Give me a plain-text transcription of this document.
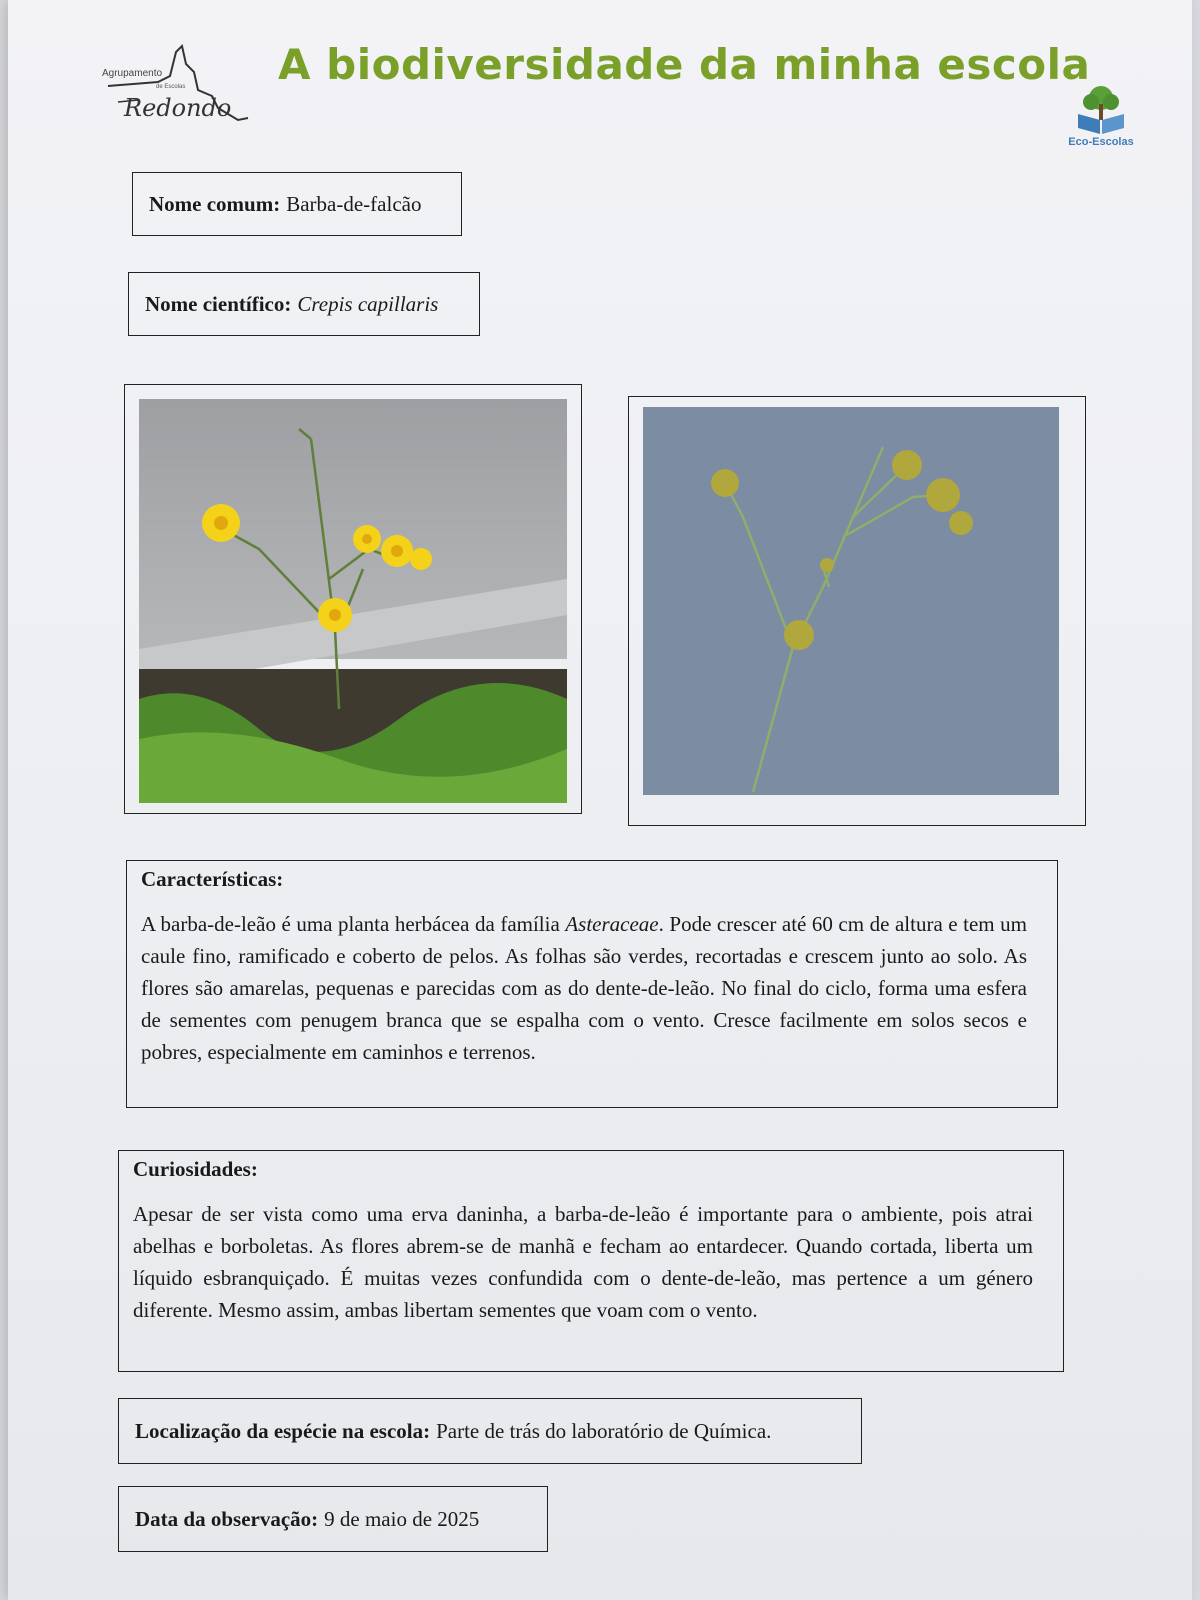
Agrupamento
de Escolas
Redondo
A biodiversidade da minha escola
Eco-Escolas
Nome comum: Barba-de-falcão
Nome científico: Crepis capillaris
Características:

A barba-de-leão é uma planta herbácea da família Asteraceae. Pode crescer até 60 cm de altura e tem um caule fino, ramificado e coberto de pelos. As folhas são verdes, recortadas e crescem junto ao solo. As flores são amarelas, pequenas e parecidas com as do dente-de-leão. No final do ciclo, forma uma esfera de sementes com penugem branca que se espalha com o vento. Cresce facilmente em solos secos e pobres, especialmente em caminhos e terrenos.

Curiosidades:

Apesar de ser vista como uma erva daninha, a barba-de-leão é importante para o ambiente, pois atrai abelhas e borboletas. As flores abrem-se de manhã e fecham ao entardecer. Quando cortada, liberta um líquido esbranquiçado. É muitas vezes confundida com o dente-de-leão, mas pertence a um género diferente. Mesmo assim, ambas libertam sementes que voam com o vento.

Localização da espécie na escola: Parte de trás do laboratório de Química.
Data da observação: 9 de maio de 2025
